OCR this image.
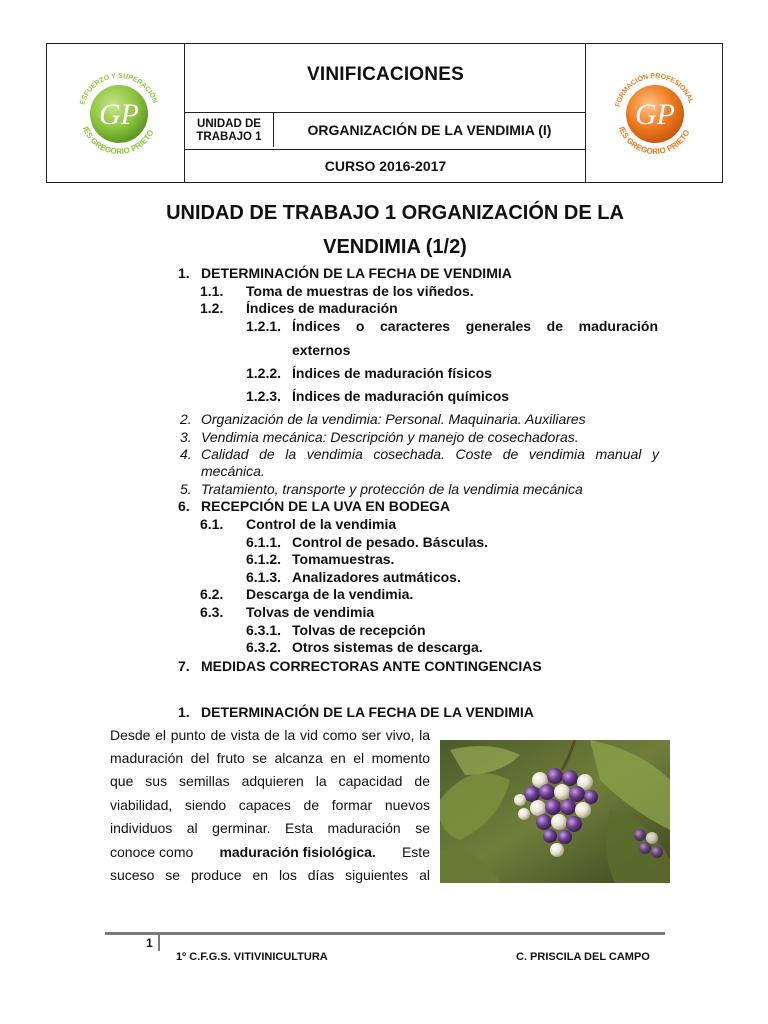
GP
ESFUERZO Y SUPERACIÓN
IES GREGORIO PRIETO
VINIFICACIONES
UNIDAD DE
TRABAJO 1	ORGANIZACIÓN DE LA VENDIMIA (I)
CURSO 2016-2017
GP
FORMACIÓN PROFESIONAL
IES GREGORIO PRIETO
UNIDAD DE TRABAJO 1 ORGANIZACIÓN DE LA
VENDIMIA (1/2)
1. DETERMINACIÓN DE LA FECHA DE VENDIMIA
1.1. Toma de muestras de los viñedos.
1.2. Índices de maduración
1.2.1. Índices o caracteres generales de maduración
externos
1.2.2. Índices de maduración físicos
1.2.3. Índices de maduración químicos
2. Organización de la vendimia: Personal. Maquinaria. Auxiliares
3. Vendimia mecánica: Descripción y manejo de cosechadoras.
4. Calidad de la vendimia cosechada. Coste de vendimia manual y
mecánica.
5. Tratamiento, transporte y protección de la vendimia mecánica
6. RECEPCIÓN DE LA UVA EN BODEGA
6.1. Control de la vendimia
6.1.1. Control de pesado. Básculas.
6.1.2. Tomamuestras.
6.1.3. Analizadores autmáticos.
6.2. Descarga de la vendimia.
6.3. Tolvas de vendimia
6.3.1. Tolvas de recepción
6.3.2. Otros sistemas de descarga.
7. MEDIDAS CORRECTORAS ANTE CONTINGENCIAS
1. DETERMINACIÓN DE LA FECHA DE LA VENDIMIA
Desde el punto de vista de la vid como ser vivo, la
maduración del fruto se alcanza en el momento
que sus semillas adquieren la capacidad de
viabilidad, siendo capaces de formar nuevos
individuos al germinar. Esta maduración se
conoce como maduración fisiológica. Este
suceso se produce en los días siguientes al
1
1º C.F.G.S. VITIVINICULTURA	C. PRISCILA DEL CAMPO
